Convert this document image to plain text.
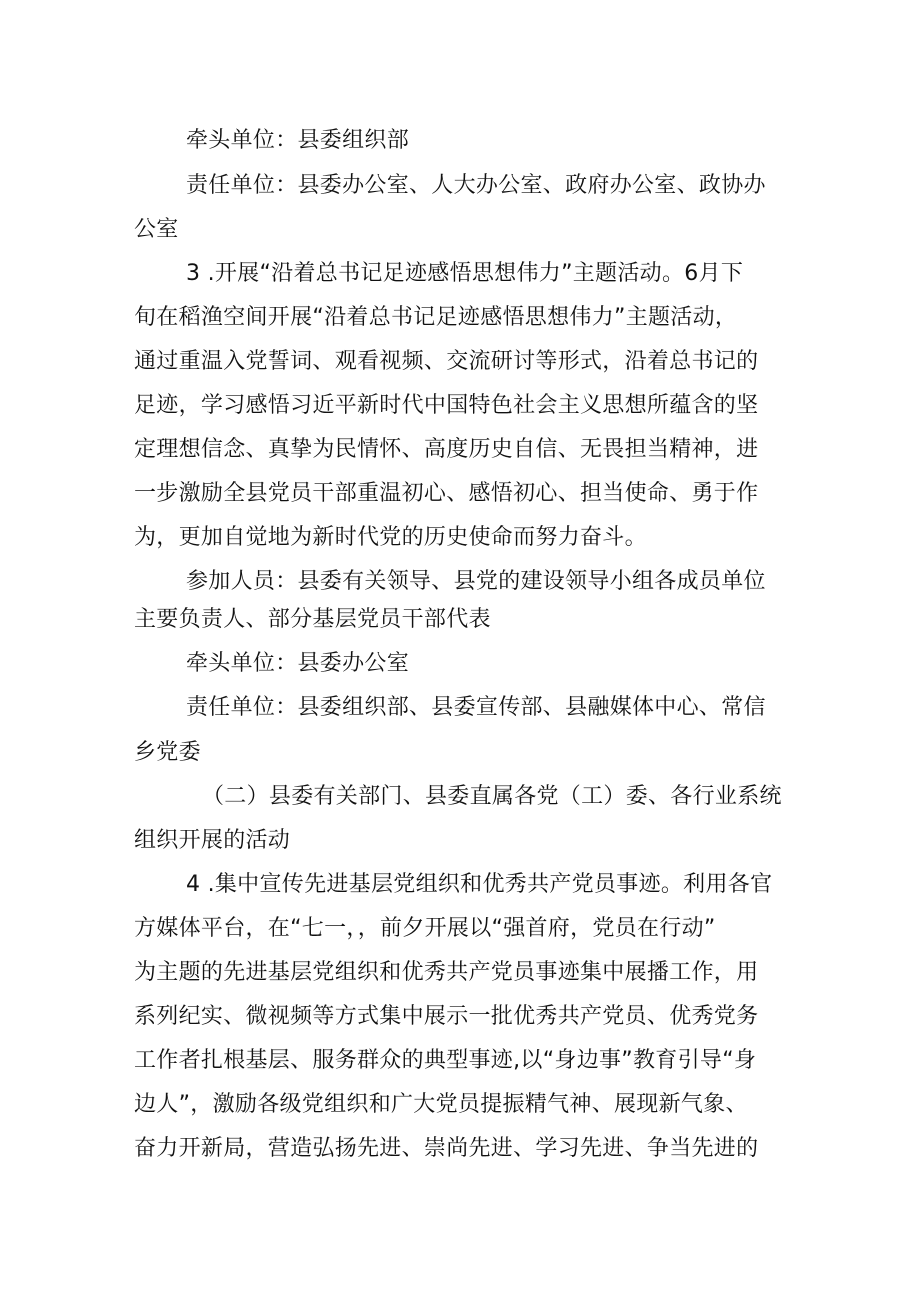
牵头单位：县委组织部

责任单位：县委办公室、人大办公室、政府办公室、政协办

公室

3 .开展“沿着总书记足迹感悟思想伟力”主题活动。6月下

旬在稻渔空间开展“沿着总书记足迹感悟思想伟力”主题活动，

通过重温入党誓词、观看视频、交流研讨等形式，沿着总书记的

足迹，学习感悟习近平新时代中国特色社会主义思想所蕴含的坚

定理想信念、真挚为民情怀、高度历史自信、无畏担当精神，进

一步激励全县党员干部重温初心、感悟初心、担当使命、勇于作

为，更加自觉地为新时代党的历史使命而努力奋斗。

参加人员：县委有关领导、县党的建设领导小组各成员单位

主要负责人、部分基层党员干部代表

牵头单位：县委办公室

责任单位：县委组织部、县委宣传部、县融媒体中心、常信

乡党委

（二）县委有关部门、县委直属各党（工）委、各行业系统

组织开展的活动

4 .集中宣传先进基层党组织和优秀共产党员事迹。利用各官

方媒体平台，在“七一，，前夕开展以“强首府，党员在行动”

为主题的先进基层党组织和优秀共产党员事迹集中展播工作，用

系列纪实、微视频等方式集中展示一批优秀共产党员、优秀党务

工作者扎根基层、服务群众的典型事迹,以“身边事”教育引导“身

边人”，激励各级党组织和广大党员提振精气神、展现新气象、

奋力开新局，营造弘扬先进、崇尚先进、学习先进、争当先进的
